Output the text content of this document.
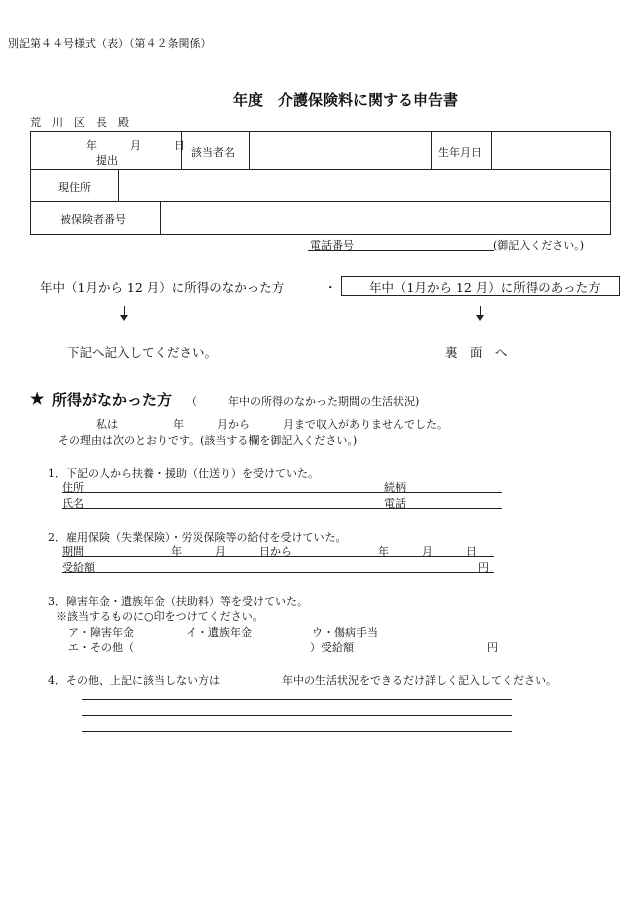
別記第４４号様式（表）（第４２条関係）
年度　介護保険料に関する申告書
荒　川　区　長　殿
年　　　月　　　日
提出
該当者名	生年月日
現住所
被保険者番号
電話番号	(御記入ください。)
年中（1月から 12 月）に所得のなかった方	・	年中（1月から 12 月）に所得のあった方
下記へ記入してください。	裏　面　へ
★ 所得がなかった方 （	年中の所得のなかった期間の生活状況)
私は　　　　　年　　　月から　　　月まで収入がありませんでした。
その理由は次のとおりです。(該当する欄を御記入ください。)
1．下記の人から扶養・援助（仕送り）を受けていた。
住所	続柄
氏名	電話
2．雇用保険（失業保険）・労災保険等の給付を受けていた。
期間	年　　　月　　　日から	年　　　月　　　日
受給額	円
3．障害年金・遺族年金（扶助料）等を受けていた。
※該当するものに○印をつけてください。
ア・障害年金	イ・遺族年金	ウ・傷病手当
エ・その他（	）受給額	円
4．その他、上記に該当しない方は	年中の生活状況をできるだけ詳しく記入してください。
